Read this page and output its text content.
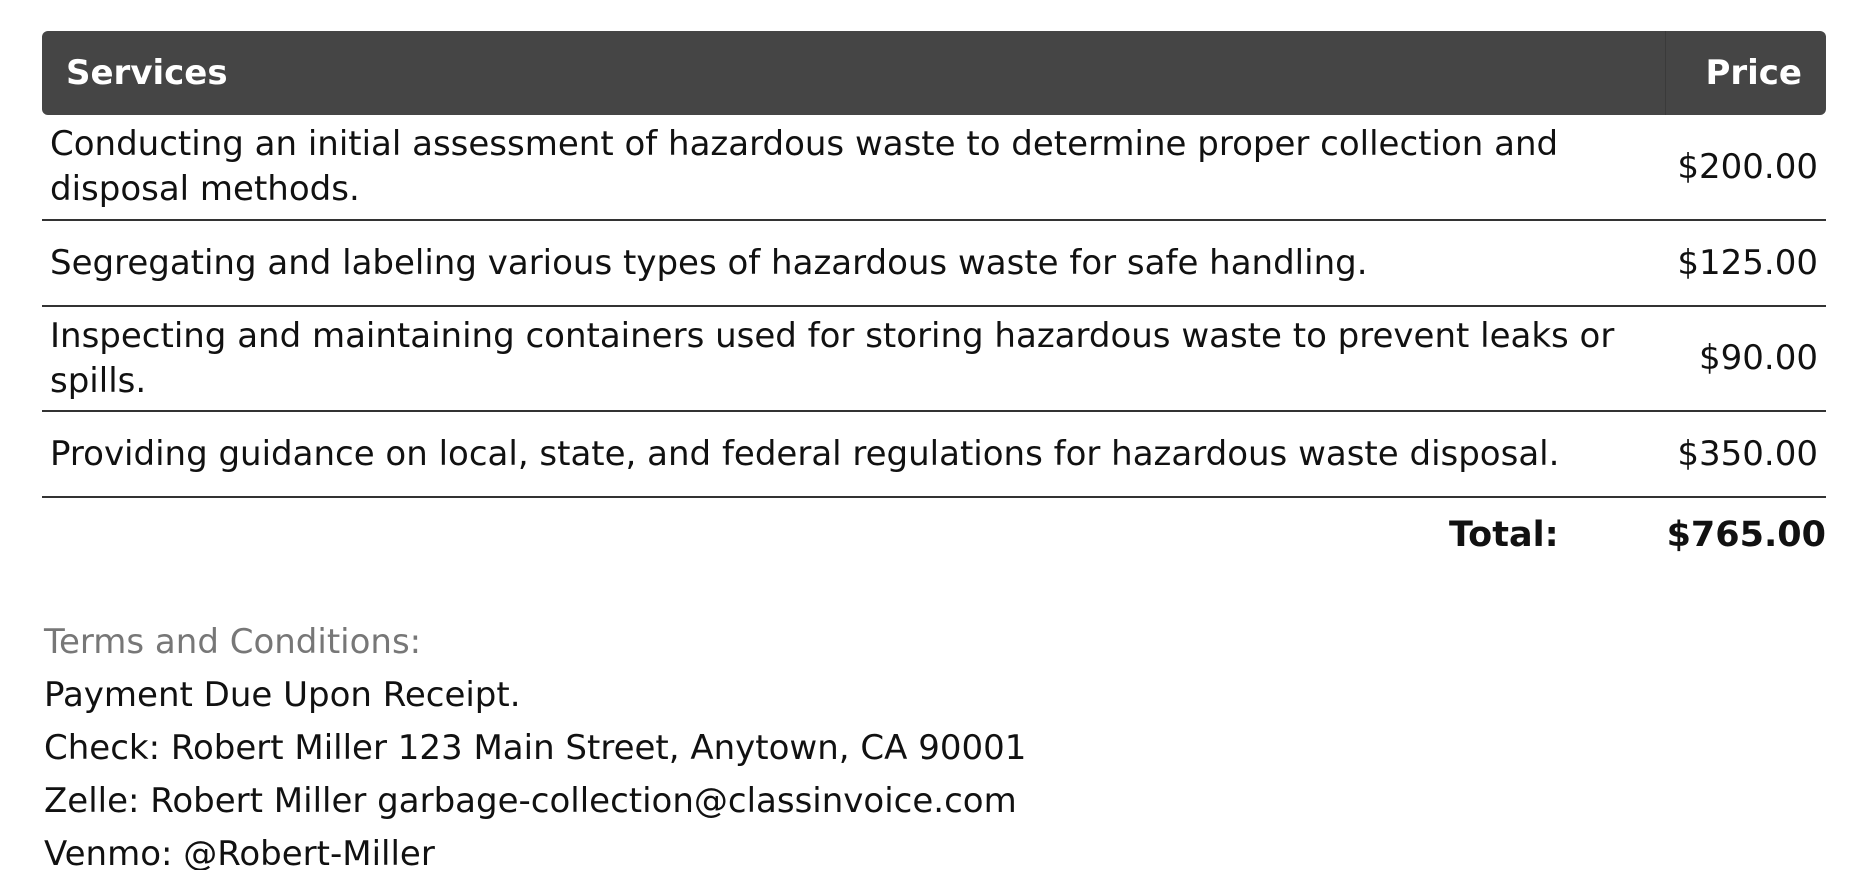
Services	Price
Conducting an initial assessment of hazardous waste to determine proper collection and disposal methods.	$200.00
Segregating and labeling various types of hazardous waste for safe handling.	$125.00
Inspecting and maintaining containers used for storing hazardous waste to prevent leaks or spills.	$90.00
Providing guidance on local, state, and federal regulations for hazardous waste disposal.	$350.00
Total:	$765.00
Terms and Conditions:
Payment Due Upon Receipt.
Check: Robert Miller 123 Main Street, Anytown, CA 90001
Zelle: Robert Miller garbage-collection@classinvoice.com
Venmo: @Robert-Miller
